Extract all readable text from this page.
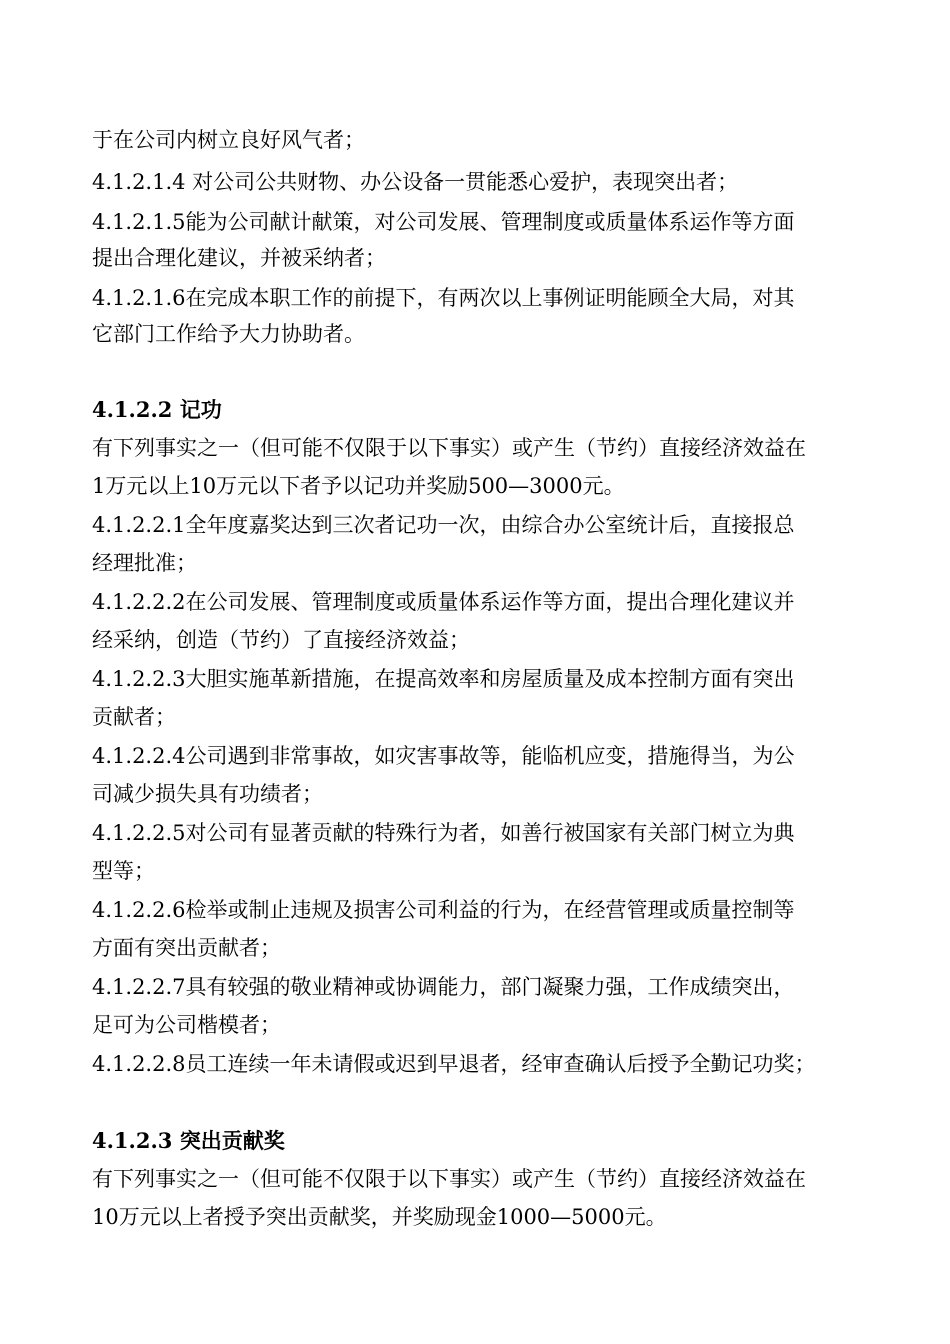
于在公司内树立良好风气者；
4.1.2.1.4 对公司公共财物、办公设备一贯能悉心爱护，表现突出者；
4.1.2.1.5能为公司献计献策，对公司发展、管理制度或质量体系运作等方面
提出合理化建议，并被采纳者；
4.1.2.1.6在完成本职工作的前提下，有两次以上事例证明能顾全大局，对其
它部门工作给予大力协助者。
4.1.2.2 记功
有下列事实之一（但可能不仅限于以下事实）或产生（节约）直接经济效益在
1万元以上10万元以下者予以记功并奖励500—3000元。
4.1.2.2.1全年度嘉奖达到三次者记功一次，由综合办公室统计后，直接报总
经理批准；
4.1.2.2.2在公司发展、管理制度或质量体系运作等方面，提出合理化建议并
经采纳，创造（节约）了直接经济效益；
4.1.2.2.3大胆实施革新措施，在提高效率和房屋质量及成本控制方面有突出
贡献者；
4.1.2.2.4公司遇到非常事故，如灾害事故等，能临机应变，措施得当，为公
司减少损失具有功绩者；
4.1.2.2.5对公司有显著贡献的特殊行为者，如善行被国家有关部门树立为典
型等；
4.1.2.2.6检举或制止违规及损害公司利益的行为，在经营管理或质量控制等
方面有突出贡献者；
4.1.2.2.7具有较强的敬业精神或协调能力，部门凝聚力强，工作成绩突出，
足可为公司楷模者；
4.1.2.2.8员工连续一年未请假或迟到早退者，经审查确认后授予全勤记功奖；
4.1.2.3 突出贡献奖
有下列事实之一（但可能不仅限于以下事实）或产生（节约）直接经济效益在
10万元以上者授予突出贡献奖，并奖励现金1000—5000元。
